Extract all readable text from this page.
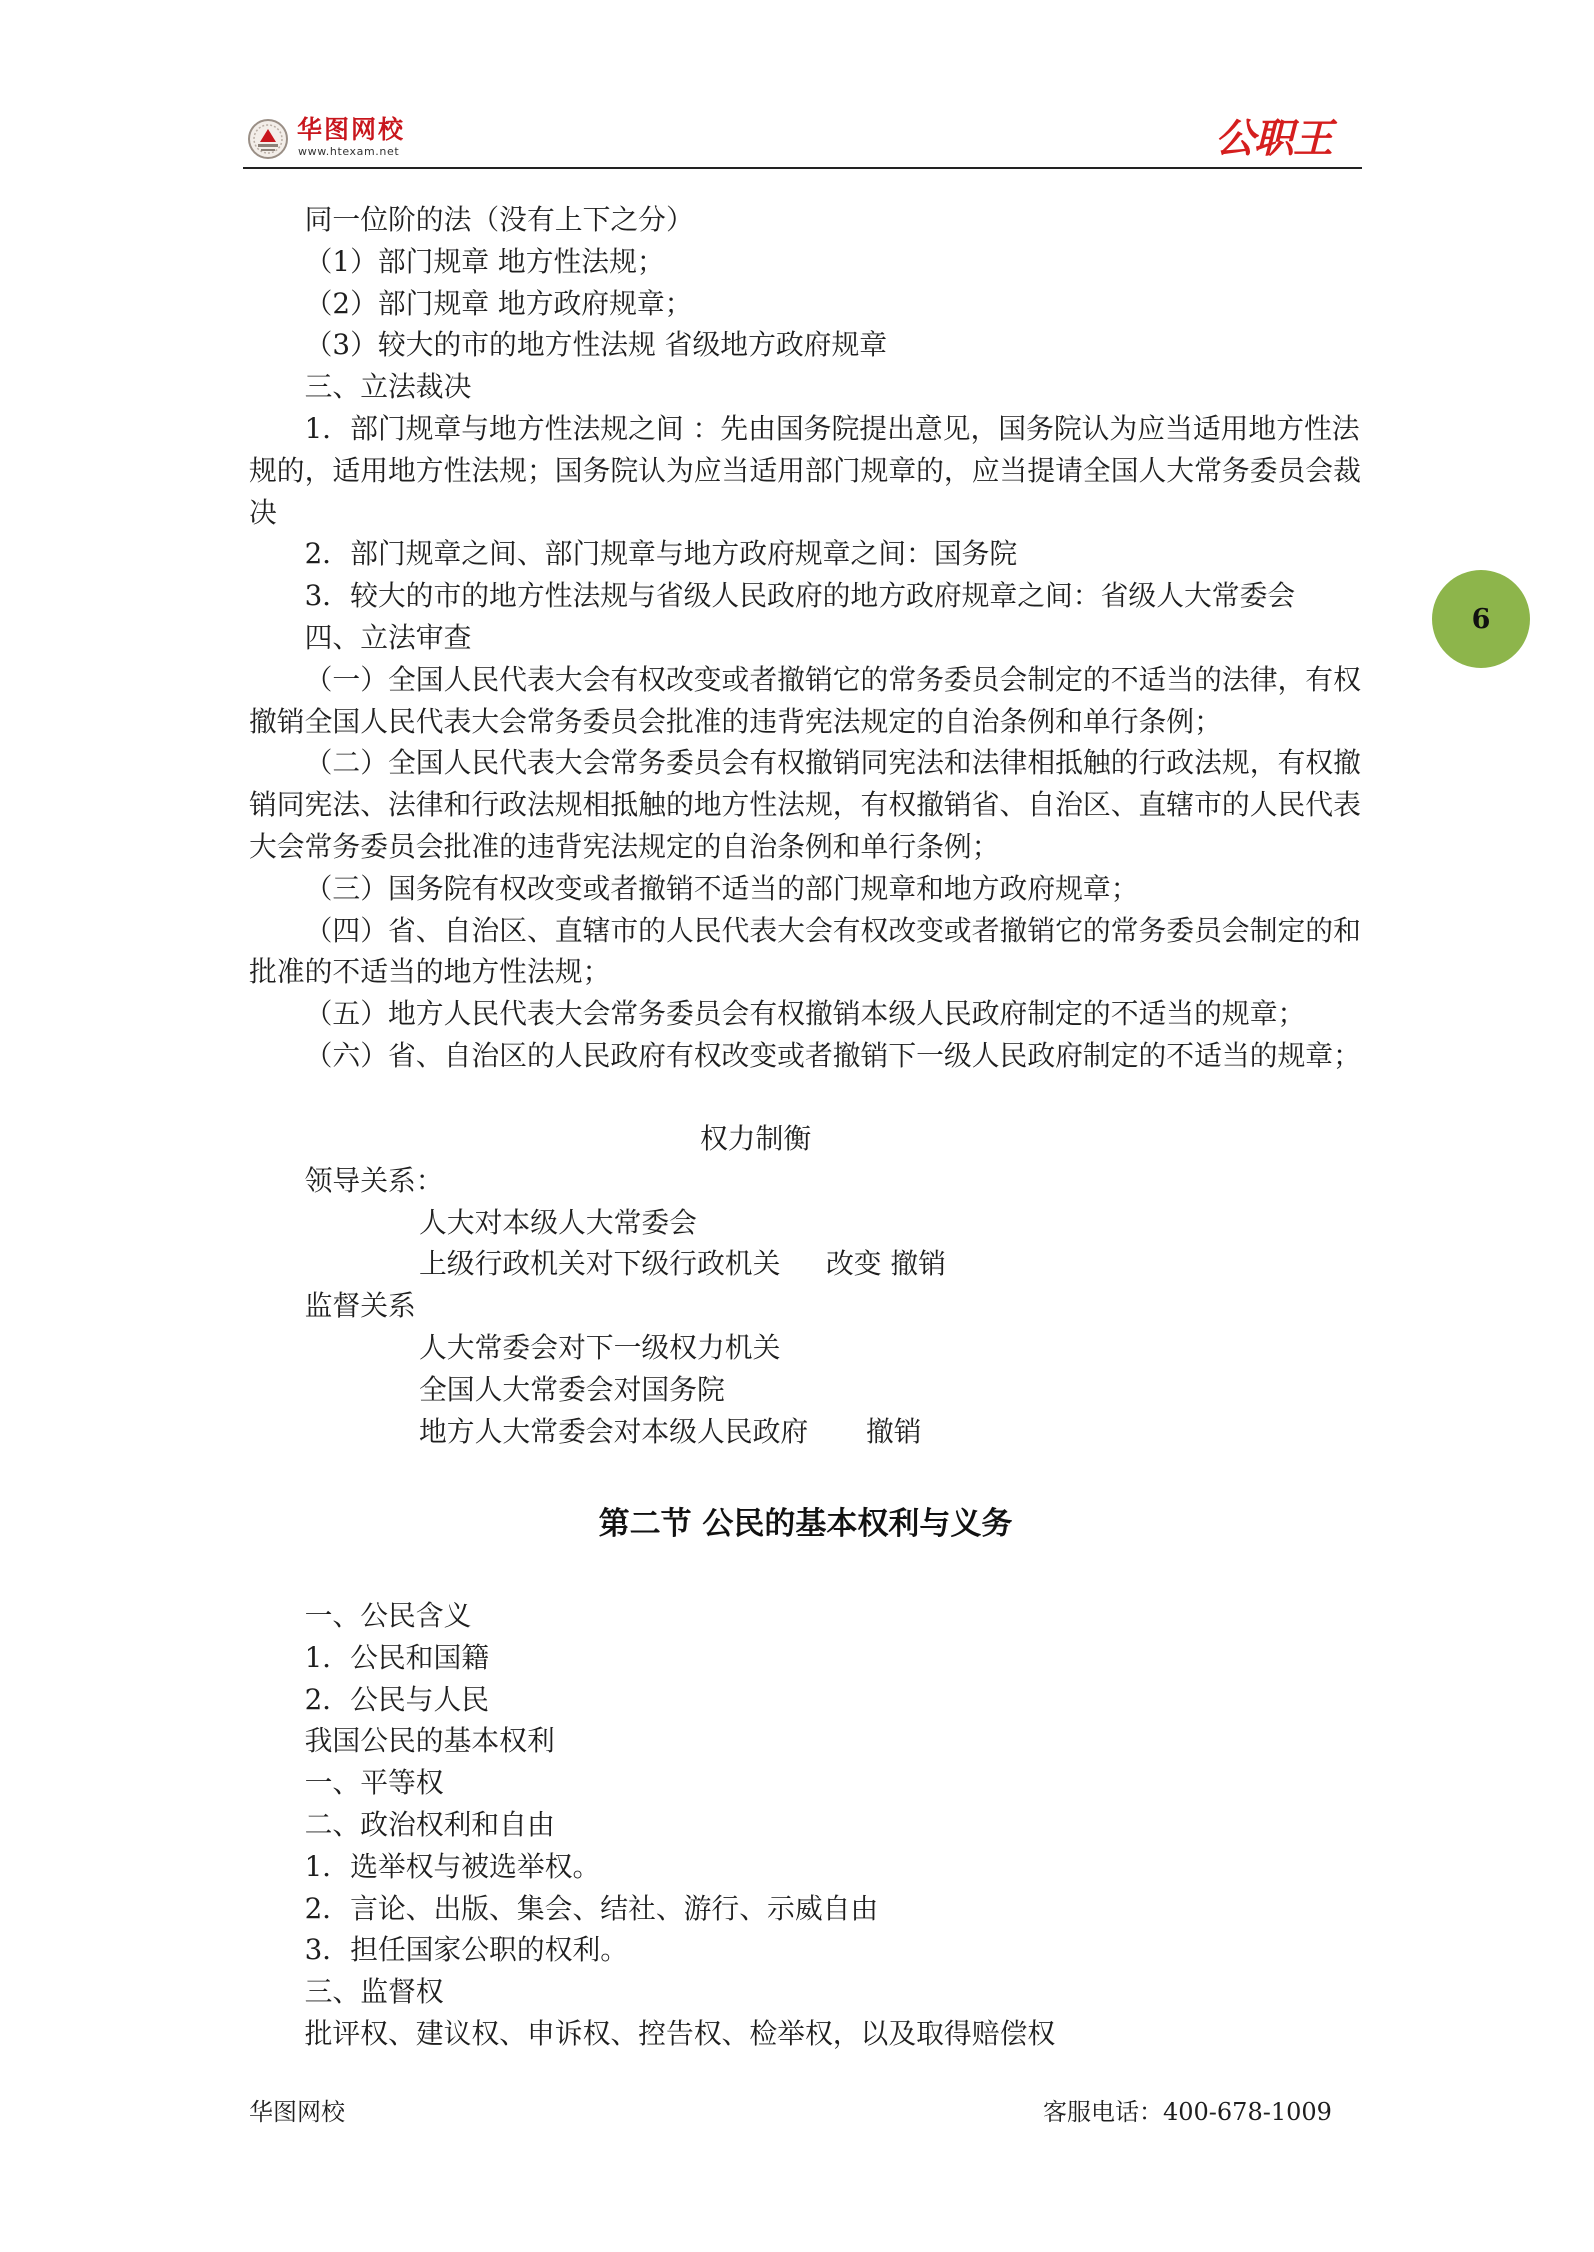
华图网校
www.htexam.net	公职王
6
同一位阶的法（没有上下之分）
（1）部门规章 地方性法规；
（2）部门规章 地方政府规章；
（3）较大的市的地方性法规 省级地方政府规章
三、立法裁决
1．部门规章与地方性法规之间 ：先由国务院提出意见，国务院认为应当适用地方性法
规的，适用地方性法规；国务院认为应当适用部门规章的，应当提请全国人大常务委员会裁
决
2．部门规章之间、部门规章与地方政府规章之间：国务院
3．较大的市的地方性法规与省级人民政府的地方政府规章之间：省级人大常委会
四、立法审查
（一）全国人民代表大会有权改变或者撤销它的常务委员会制定的不适当的法律，有权
撤销全国人民代表大会常务委员会批准的违背宪法规定的自治条例和单行条例；
（二）全国人民代表大会常务委员会有权撤销同宪法和法律相抵触的行政法规，有权撤
销同宪法、法律和行政法规相抵触的地方性法规，有权撤销省、自治区、直辖市的人民代表
大会常务委员会批准的违背宪法规定的自治条例和单行条例；
（三）国务院有权改变或者撤销不适当的部门规章和地方政府规章；
（四）省、自治区、直辖市的人民代表大会有权改变或者撤销它的常务委员会制定的和
批准的不适当的地方性法规；
（五）地方人民代表大会常务委员会有权撤销本级人民政府制定的不适当的规章；
（六）省、自治区的人民政府有权改变或者撤销下一级人民政府制定的不适当的规章；
权力制衡
领导关系：
人大对本级人大常委会
上级行政机关对下级行政机关 改变 撤销
监督关系
人大常委会对下一级权力机关
全国人大常委会对国务院
地方人大常委会对本级人民政府 撤销
第二节 公民的基本权利与义务
一、公民含义
1．公民和国籍
2．公民与人民
我国公民的基本权利
一、平等权
二、政治权利和自由
1．选举权与被选举权。
2．言论、出版、集会、结社、游行、示威自由
3．担任国家公职的权利。
三、监督权
批评权、建议权、申诉权、控告权、检举权，以及取得赔偿权
华图网校	客服电话：400-678-1009
